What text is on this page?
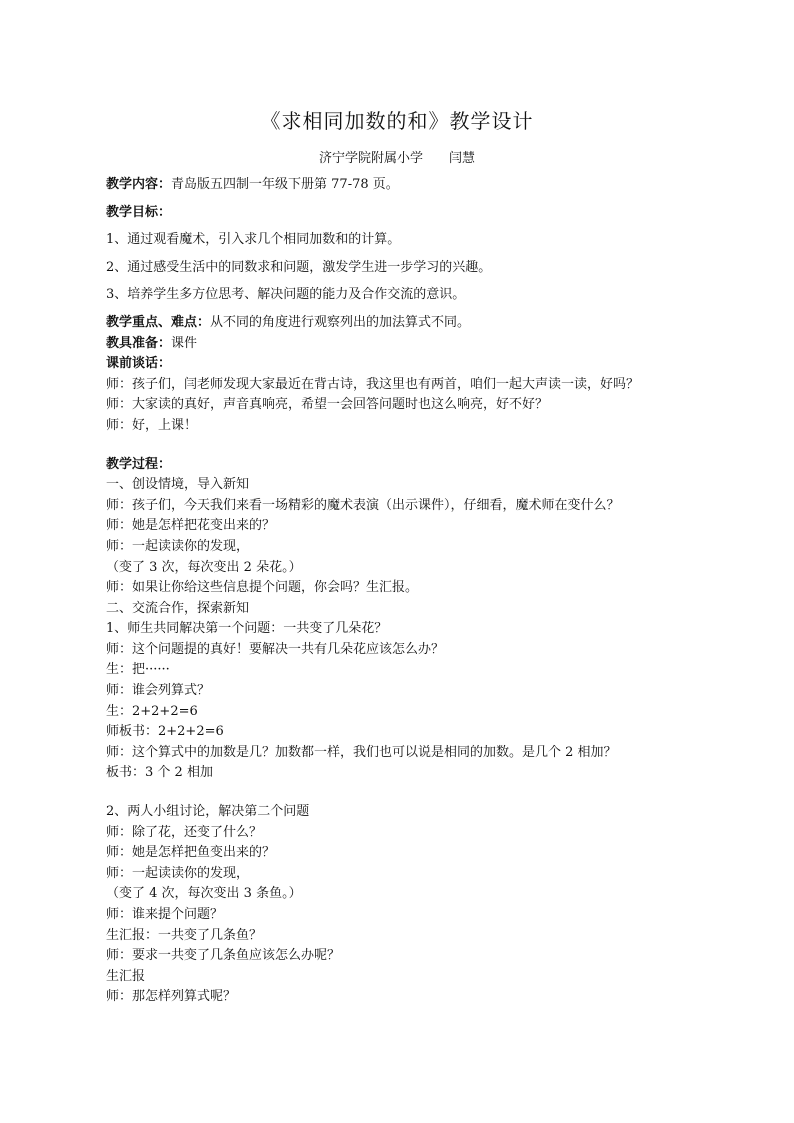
《求相同加数的和》教学设计
济宁学院附属小学 闫慧
教学内容：青岛版五四制一年级下册第 77-78 页。
教学目标：
1、通过观看魔术，引入求几个相同加数和的计算。
2、通过感受生活中的同数求和问题，激发学生进一步学习的兴趣。
3、培养学生多方位思考、解决问题的能力及合作交流的意识。
教学重点、难点：从不同的角度进行观察列出的加法算式不同。
教具准备：课件
课前谈话：
师：孩子们，闫老师发现大家最近在背古诗，我这里也有两首，咱们一起大声读一读，好吗？
师：大家读的真好，声音真响亮，希望一会回答问题时也这么响亮，好不好？
师：好，上课！
教学过程：
一、创设情境，导入新知
师：孩子们，今天我们来看一场精彩的魔术表演（出示课件），仔细看，魔术师在变什么？
师：她是怎样把花变出来的？
师：一起读读你的发现，
（变了 3 次，每次变出 2 朵花。）
师：如果让你给这些信息提个问题，你会吗？生汇报。
二、交流合作，探索新知
1、师生共同解决第一个问题：一共变了几朵花？
师：这个问题提的真好！要解决一共有几朵花应该怎么办？
生：把······
师：谁会列算式？
生：2+2+2=6
师板书：2+2+2=6
师：这个算式中的加数是几？加数都一样，我们也可以说是相同的加数。是几个 2 相加？
板书：3 个 2 相加
2、两人小组讨论，解决第二个问题
师：除了花，还变了什么？
师：她是怎样把鱼变出来的？
师：一起读读你的发现，
（变了 4 次，每次变出 3 条鱼。）
师：谁来提个问题？
生汇报：一共变了几条鱼？
师：要求一共变了几条鱼应该怎么办呢？
生汇报
师：那怎样列算式呢？
